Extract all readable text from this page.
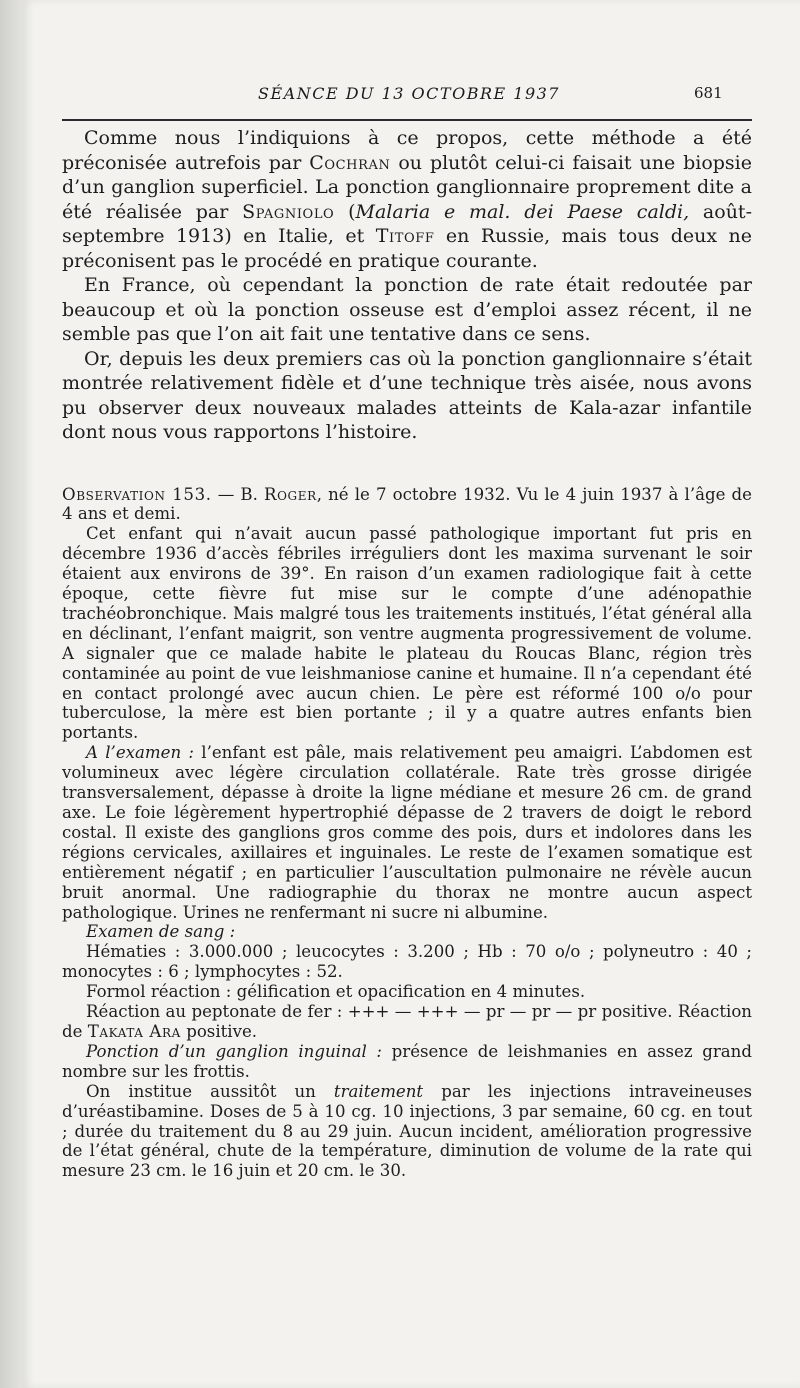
SÉANCE DU 13 OCTOBRE 1937	681

Comme nous l’indiquions à ce propos, cette méthode a été préconisée autrefois par Cochran ou plutôt celui-ci faisait une biopsie d’un ganglion superficiel. La ponction ganglionnaire proprement dite a été réalisée par Spagniolo (Malaria e mal. dei Paese caldi, août-septembre 1913) en Italie, et Titoff en Russie, mais tous deux ne préconisent pas le procédé en pratique courante.

En France, où cependant la ponction de rate était redoutée par beaucoup et où la ponction osseuse est d’emploi assez récent, il ne semble pas que l’on ait fait une tentative dans ce sens.

Or, depuis les deux premiers cas où la ponction ganglionnaire s’était montrée relativement fidèle et d’une technique très aisée, nous avons pu observer deux nouveaux malades atteints de Kala-azar infantile dont nous vous rapportons l’histoire.

Observation 153. — B. Roger, né le 7 octobre 1932. Vu le 4 juin 1937 à l’âge de 4 ans et demi.

Cet enfant qui n’avait aucun passé pathologique important fut pris en décembre 1936 d’accès fébriles irréguliers dont les maxima survenant le soir étaient aux environs de 39°. En raison d’un examen radiologique fait à cette époque, cette fièvre fut mise sur le compte d’une adénopathie trachéobronchique. Mais malgré tous les traitements institués, l’état général alla en déclinant, l’enfant maigrit, son ventre augmenta progressivement de volume. A signaler que ce malade habite le plateau du Roucas Blanc, région très contaminée au point de vue leishmaniose canine et humaine. Il n’a cependant été en contact prolongé avec aucun chien. Le père est réformé 100 o/o pour tuberculose, la mère est bien portante ; il y a quatre autres enfants bien portants.

A l’examen : l’enfant est pâle, mais relativement peu amaigri. L’abdomen est volumineux avec légère circulation collatérale. Rate très grosse dirigée transversalement, dépasse à droite la ligne médiane et mesure 26 cm. de grand axe. Le foie légèrement hypertrophié dépasse de 2 travers de doigt le rebord costal. Il existe des ganglions gros comme des pois, durs et indolores dans les régions cervicales, axillaires et inguinales. Le reste de l’examen somatique est entièrement négatif ; en particulier l’auscultation pulmonaire ne révèle aucun bruit anormal. Une radiographie du thorax ne montre aucun aspect pathologique. Urines ne renfermant ni sucre ni albumine.

Examen de sang :

Hématies : 3.000.000 ; leucocytes : 3.200 ; Hb : 70 o/o ; polyneutro : 40 ; monocytes : 6 ; lymphocytes : 52.

Formol réaction : gélification et opacification en 4 minutes.

Réaction au peptonate de fer : +++ — +++ — pr — pr — pr positive. Réaction de Takata Ara positive.

Ponction d’un ganglion inguinal : présence de leishmanies en assez grand nombre sur les frottis.

On institue aussitôt un traitement par les injections intraveineuses d’uréastibamine. Doses de 5 à 10 cg. 10 injections, 3 par semaine, 60 cg. en tout ; durée du traitement du 8 au 29 juin. Aucun incident, amélioration progressive de l’état général, chute de la température, diminution de volume de la rate qui mesure 23 cm. le 16 juin et 20 cm. le 30.
